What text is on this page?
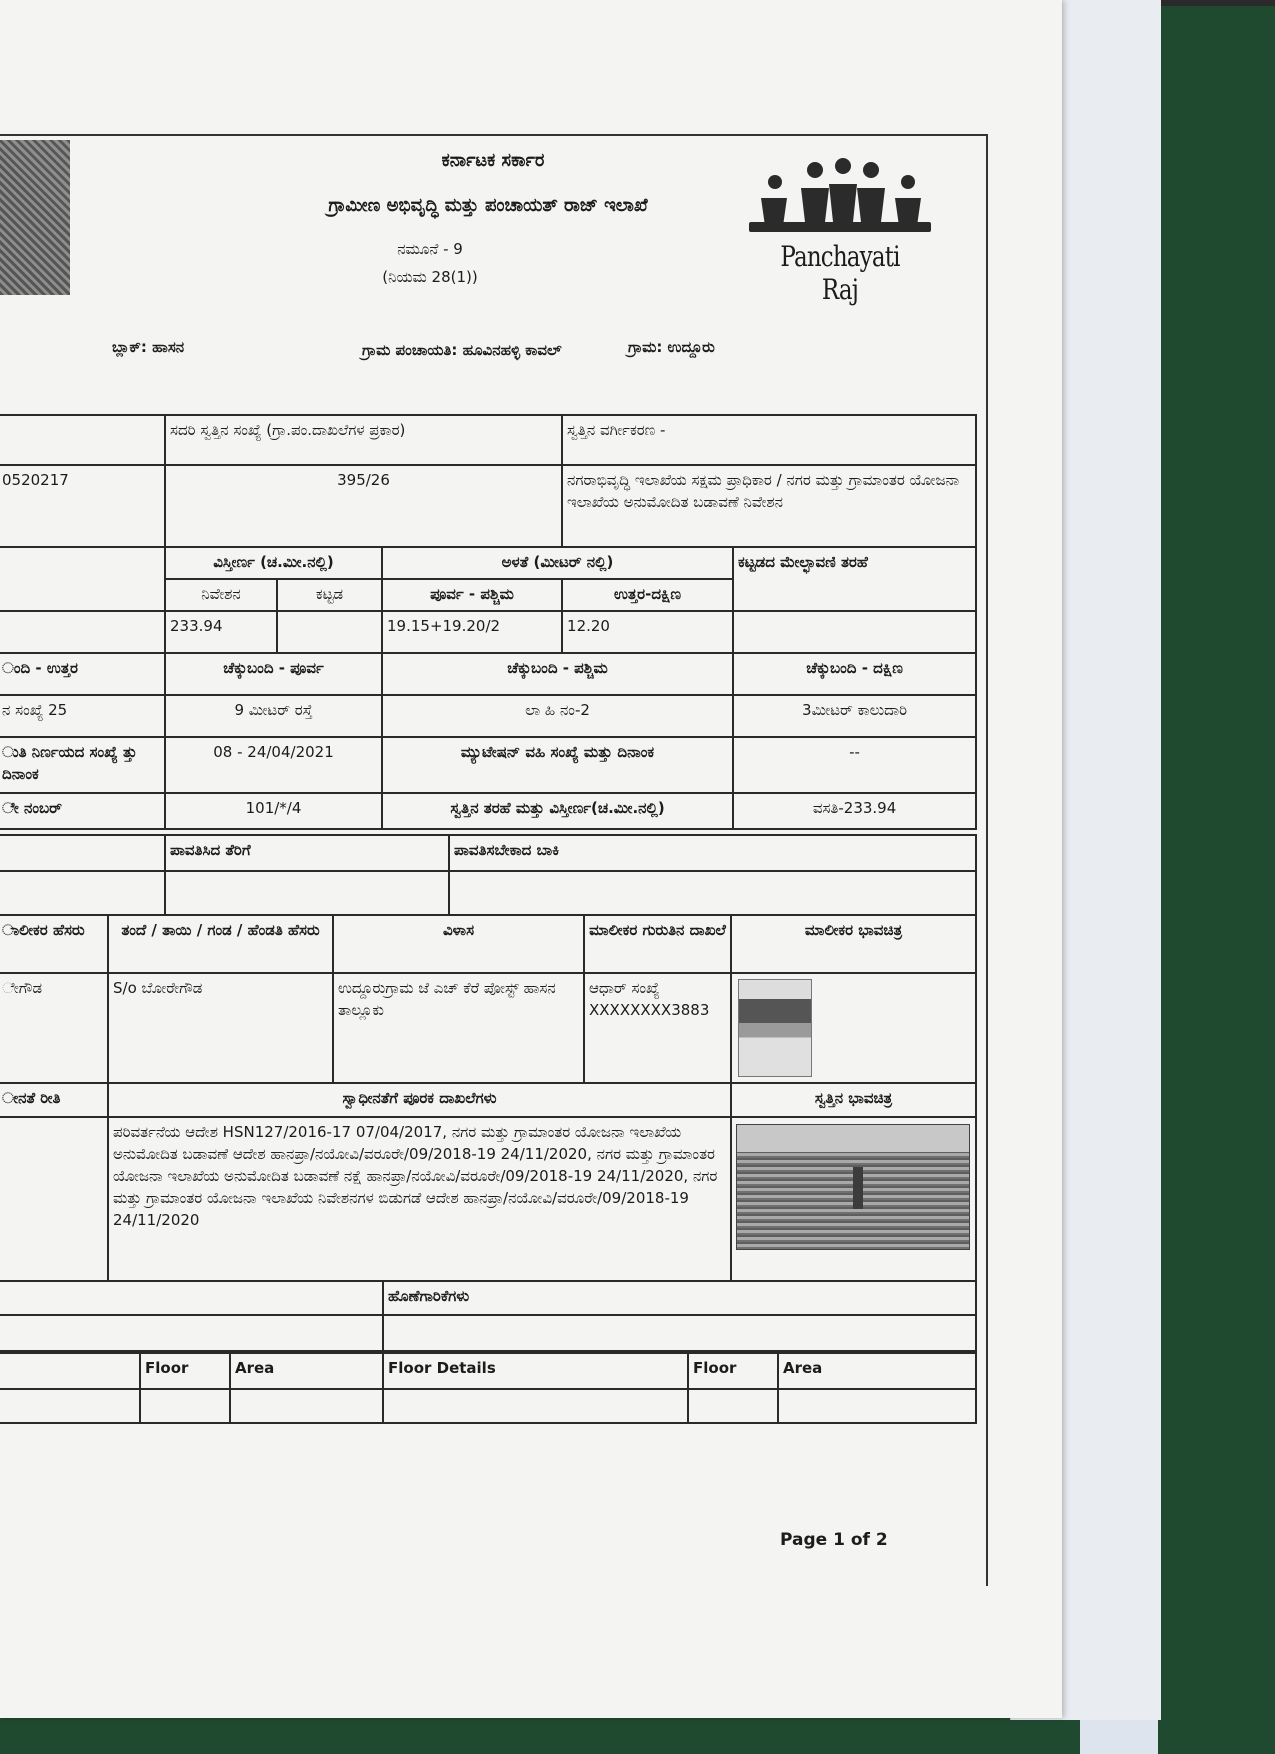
ಕರ್ನಾಟಕ ಸರ್ಕಾರ
ಗ್ರಾಮೀಣ ಅಭಿವೃದ್ಧಿ ಮತ್ತು ಪಂಚಾಯತ್ ರಾಜ್ ಇಲಾಖೆ
ನಮೂನೆ - 9
(ನಿಯಮ 28(1))
Panchayati Raj
ಬ್ಲಾಕ್: ಹಾಸನ	ಗ್ರಾಮ ಪಂಚಾಯತಿ: ಹೂವಿನಹಳ್ಳಿ ಕಾವಲ್	ಗ್ರಾಮ: ಉದ್ದೂರು
	ಸದರಿ ಸ್ವತ್ತಿನ ಸಂಖ್ಯೆ (ಗ್ರಾ.ಪಂ.ದಾಖಲೆಗಳ ಪ್ರಕಾರ)			ಸ್ವತ್ತಿನ ವರ್ಗೀಕರಣ -	
0520217	395/26			ನಗರಾಭಿವೃದ್ಧಿ ಇಲಾಖೆಯ ಸಕ್ಷಮ ಪ್ರಾಧಿಕಾರ / ನಗರ ಮತ್ತು ಗ್ರಾಮಾಂತರ ಯೋಜನಾ ಇಲಾಖೆಯ ಅನುಮೋದಿತ ಬಡಾವಣೆ ನಿವೇಶನ	
	ವಿಸ್ತೀರ್ಣ (ಚ.ಮೀ.ನಲ್ಲಿ)		ಅಳತೆ (ಮೀಟರ್ ನಲ್ಲಿ)		ಕಟ್ಟಡದ ಮೇಲ್ಛಾವಣಿ ತರಹೆ
	ನಿವೇಶನ	ಕಟ್ಟಡ	ಪೂರ್ವ - ಪಶ್ಚಿಮ	ಉತ್ತರ-ದಕ್ಷಿಣ	
	233.94		19.15+19.20/2	12.20	
ಂದಿ - ಉತ್ತರ	ಚೆಕ್ಕುಬಂದಿ - ಪೂರ್ವ		ಚೆಕ್ಕುಬಂದಿ - ಪಶ್ಚಿಮ		ಚೆಕ್ಕುಬಂದಿ - ದಕ್ಷಿಣ
ನ ಸಂಖ್ಯೆ 25	9 ಮೀಟರ್ ರಸ್ತೆ		ಲಾ ಹಿ ನಂ-2		3ಮೀಟರ್ ಕಾಲುದಾರಿ
ುತಿ ನಿರ್ಣಯದ ಸಂಖ್ಯೆ ತ್ತು ದಿನಾಂಕ	08 - 24/04/2021		ಮ್ಯುಟೇಷನ್ ವಹಿ ಸಂಖ್ಯೆ ಮತ್ತು ದಿನಾಂಕ		--
ೇ ನಂಬರ್	101/*/4		ಸ್ವತ್ತಿನ ತರಹೆ ಮತ್ತು ವಿಸ್ತೀರ್ಣ(ಚ.ಮೀ.ನಲ್ಲಿ)		ವಸತಿ-233.94
	ಪಾವತಿಸಿದ ತೆರಿಗೆ	ಪಾವತಿಸಬೇಕಾದ ಬಾಕಿ

ಾಲೀಕರ ಹೆಸರು	ತಂದೆ / ತಾಯಿ / ಗಂಡ / ಹೆಂಡತಿ ಹೆಸರು	ವಿಳಾಸ	ಮಾಲೀಕರ ಗುರುತಿನ ದಾಖಲೆ	ಮಾಲೀಕರ ಭಾವಚಿತ್ರ
ೇಗೌಡ	S/o ಬೋರೇಗೌಡ	ಉದ್ದೂರುಗ್ರಾಮ ಜೆ ಎಚ್ ಕೆರೆ ಪೋಸ್ಟ್ ಹಾಸನ ತಾಲ್ಲೂಕು	ಆಧಾರ್ ಸಂಖ್ಯೆ XXXXXXXX3883	

ೕನತೆ ರೀತಿ	ಸ್ವಾಧೀನತೆಗೆ ಪೂರಕ ದಾಖಲೆಗಳು			ಸ್ವತ್ತಿನ ಭಾವಚಿತ್ರ
	ಪರಿವರ್ತನೆಯ ಆದೇಶ HSN127/2016-17 07/04/2017, ನಗರ ಮತ್ತು ಗ್ರಾಮಾಂತರ ಯೋಜನಾ ಇಲಾಖೆಯ ಅನುಮೋದಿತ ಬಡಾವಣೆ ಆದೇಶ ಹಾನಪ್ರಾ/ನಯೋವಿ/ವರೂರೇ/09/2018-19 24/11/2020, ನಗರ ಮತ್ತು ಗ್ರಾಮಾಂತರ ಯೋಜನಾ ಇಲಾಖೆಯ ಅನುಮೋದಿತ ಬಡಾವಣೆ ನಕ್ಷೆ ಹಾನಪ್ರಾ/ನಯೋವಿ/ವರೂರೇ/09/2018-19 24/11/2020, ನಗರ ಮತ್ತು ಗ್ರಾಮಾಂತರ ಯೋಜನಾ ಇಲಾಖೆಯ ನಿವೇಶನಗಳ ಬಿಡುಗಡೆ ಆದೇಶ ಹಾನಪ್ರಾ/ನಯೋವಿ/ವರೂರೇ/09/2018-19 24/11/2020			
	ಹೊಣೆಗಾರಿಕೆಗಳು

	Floor	Area	Floor Details	Floor	Area

Page 1 of 2
